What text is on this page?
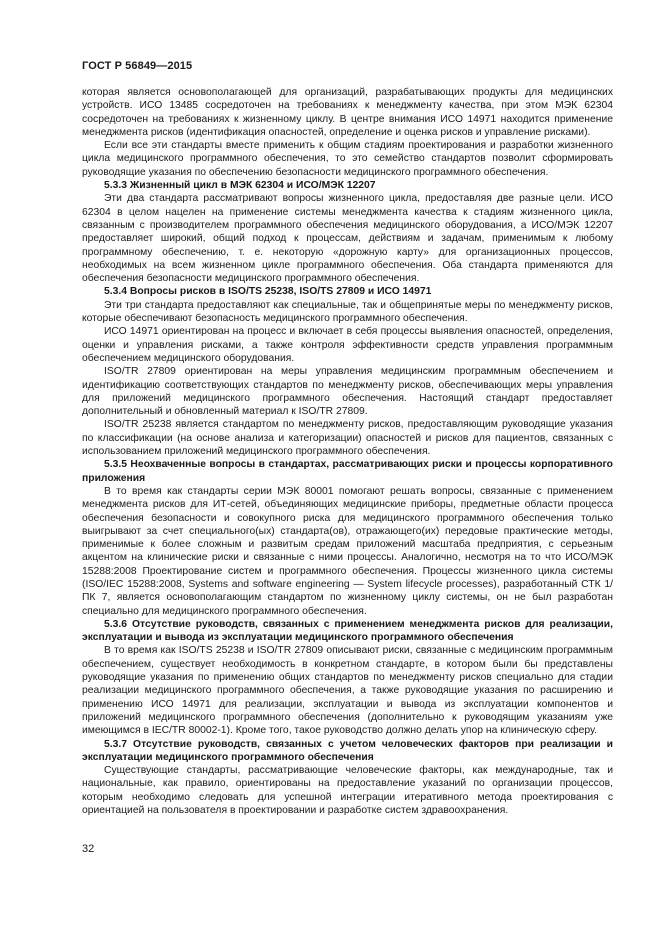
ГОСТ Р 56849—2015

которая является основополагающей для организаций, разрабатывающих продукты для медицинских устройств. ИСО 13485 сосредоточен на требованиях к менеджменту качества, при этом МЭК 62304 сосредоточен на требованиях к жизненному циклу. В центре внимания ИСО 14971 находится применение менеджмента рисков (идентификация опасностей, определение и оценка рисков и управление рисками).

Если все эти стандарты вместе применить к общим стадиям проектирования и разработки жизненного цикла медицинского программного обеспечения, то это семейство стандартов позволит сформировать руководящие указания по обеспечению безопасности медицинского программного обеспечения.

5.3.3 Жизненный цикл в МЭК 62304 и ИСО/МЭК 12207

Эти два стандарта рассматривают вопросы жизненного цикла, предоставляя две разные цели. ИСО 62304 в целом нацелен на применение системы менеджмента качества к стадиям жизненного цикла, связанным с производителем программного обеспечения медицинского оборудования, а ИСО/МЭК 12207 предоставляет широкий, общий подход к процессам, действиям и задачам, применимым к любому программному обеспечению, т. е. некоторую «дорожную карту» для организационных процессов, необходимых на всем жизненном цикле программного обеспечения. Оба стандарта применяются для обеспечения безопасности медицинского программного обеспечения.

5.3.4 Вопросы рисков в ISO/TS 25238, ISO/TS 27809 и ИСО 14971

Эти три стандарта предоставляют как специальные, так и общепринятые меры по менеджменту рисков, которые обеспечивают безопасность медицинского программного обеспечения.

ИСО 14971 ориентирован на процесс и включает в себя процессы выявления опасностей, определения, оценки и управления рисками, а также контроля эффективности средств управления программным обеспечением медицинского оборудования.

ISO/TR 27809 ориентирован на меры управления медицинским программным обеспечением и идентификацию соответствующих стандартов по менеджменту рисков, обеспечивающих меры управления для приложений медицинского программного обеспечения. Настоящий стандарт предоставляет дополнительный и обновленный материал к ISO/TR 27809.

ISO/TR 25238 является стандартом по менеджменту рисков, предоставляющим руководящие указания по классификации (на основе анализа и категоризации) опасностей и рисков для пациентов, связанных с использованием приложений медицинского программного обеспечения.

5.3.5 Неохваченные вопросы в стандартах, рассматривающих риски и процессы корпоративного приложения

В то время как стандарты серии МЭК 80001 помогают решать вопросы, связанные с применением менеджмента рисков для ИТ-сетей, объединяющих медицинские приборы, предметные области процесса обеспечения безопасности и совокупного риска для медицинского программного обеспечения только выигрывают за счет специального(ых) стандарта(ов), отражающего(их) передовые практические методы, применимые к более сложным и развитым средам приложений масштаба предприятия, с серьезным акцентом на клинические риски и связанные с ними процессы. Аналогично, несмотря на то что ИСО/МЭК 15288:2008 Проектирование систем и программного обеспечения. Процессы жизненного цикла системы (ISO/IEC 15288:2008, Systems and software engineering — System lifecycle processes), разработанный СТК 1/ПК 7, является основополагающим стандартом по жизненному циклу системы, он не был разработан специально для медицинского программного обеспечения.

5.3.6 Отсутствие руководств, связанных с применением менеджмента рисков для реализации, эксплуатации и вывода из эксплуатации медицинского программного обеспечения

В то время как ISO/TS 25238 и ISO/TR 27809 описывают риски, связанные с медицинским программным обеспечением, существует необходимость в конкретном стандарте, в котором были бы представлены руководящие указания по применению общих стандартов по менеджменту рисков специально для стадии реализации медицинского программного обеспечения, а также руководящие указания по расширению и применению ИСО 14971 для реализации, эксплуатации и вывода из эксплуатации компонентов и приложений медицинского программного обеспечения (дополнительно к руководящим указаниям уже имеющимся в IEC/TR 80002-1). Кроме того, такое руководство должно делать упор на клиническую сферу.

5.3.7 Отсутствие руководств, связанных с учетом человеческих факторов при реализации и эксплуатации медицинского программного обеспечения

Существующие стандарты, рассматривающие человеческие факторы, как международные, так и национальные, как правило, ориентированы на предоставление указаний по организации процессов, которым необходимо следовать для успешной интеграции итеративного метода проектирования с ориентацией на пользователя в проектировании и разработке систем здравоохранения.

32
